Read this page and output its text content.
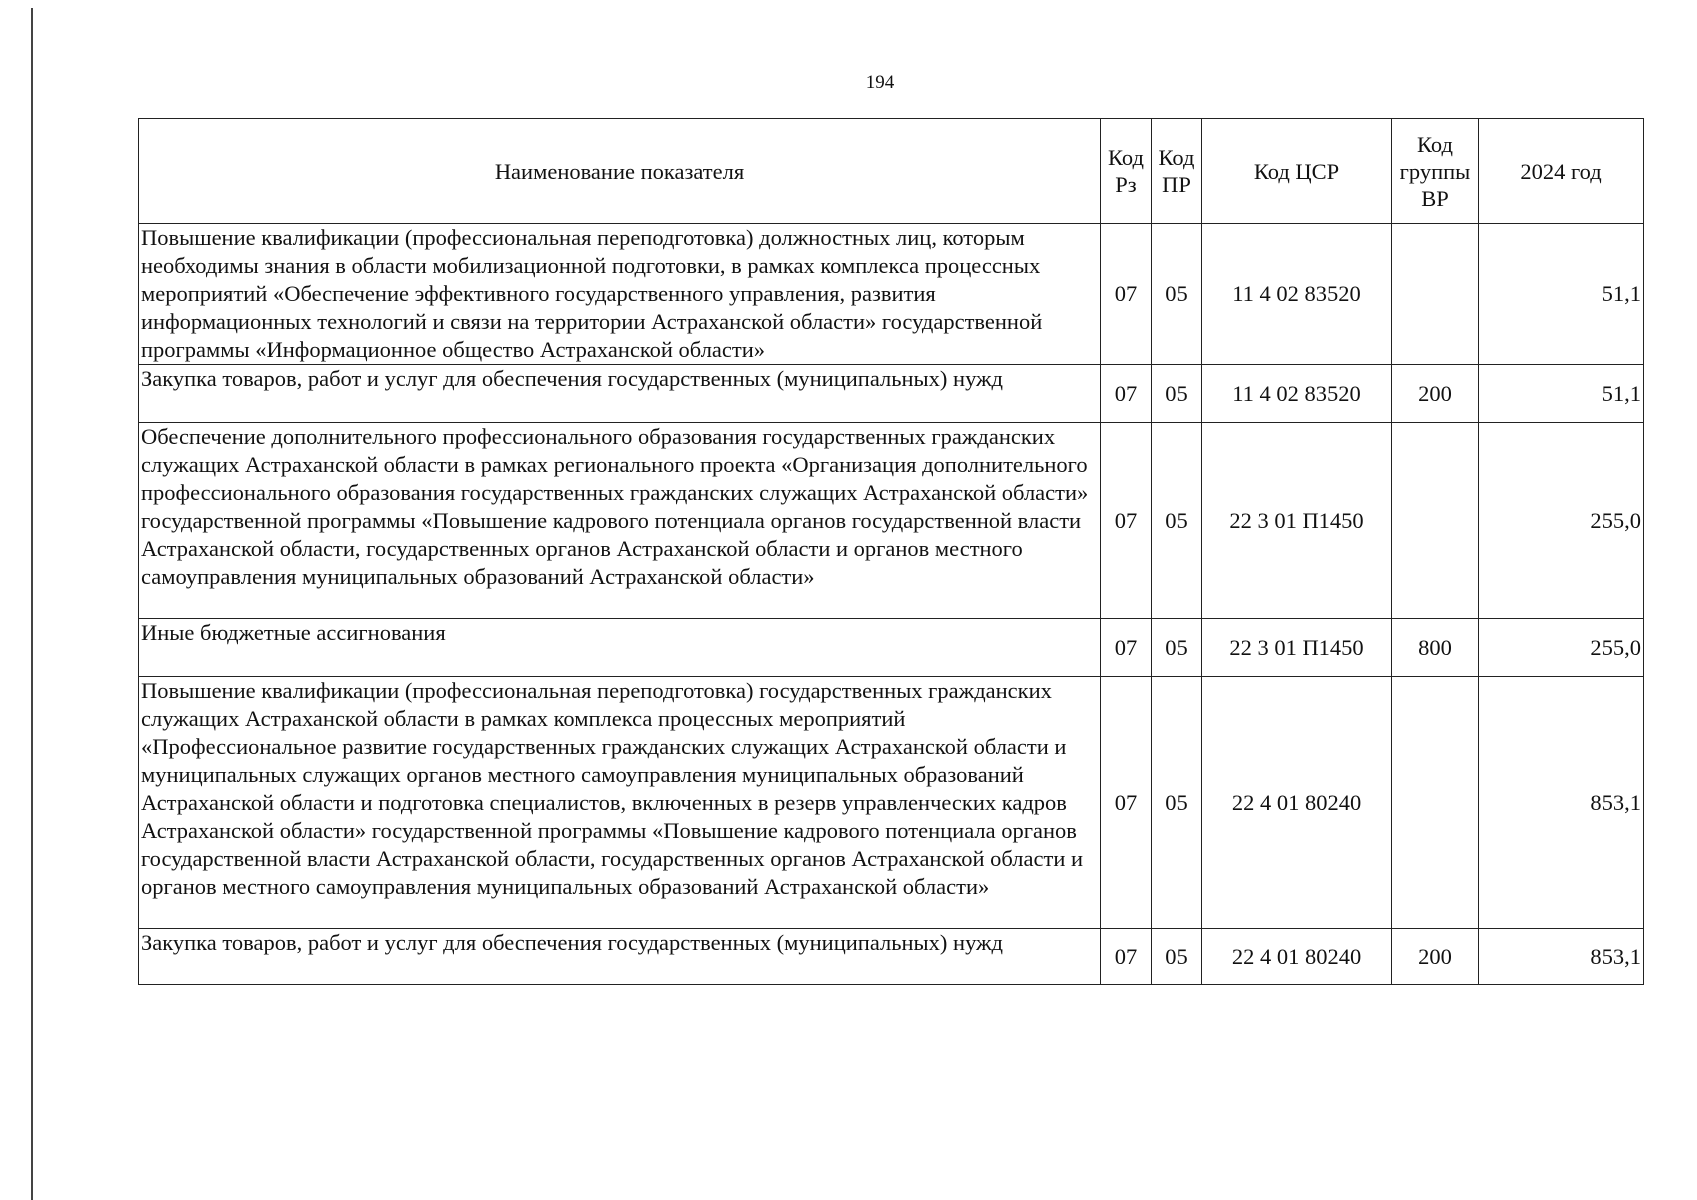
194
Наименование показателя	Код Рз	Код ПР	Код ЦСР	Код группы ВР	2024 год
Повышение квалификации (профессиональная переподготовка) должностных лиц, которым необходимы знания в области мобилизационной подготовки, в рамках комплекса процессных мероприятий «Обеспечение эффективного государственного управления, развития информационных технологий и связи на территории Астраханской области» государственной программы «Информационное общество Астраханской области»	07	05	11 4 02 83520		51,1
Закупка товаров, работ и услуг для обеспечения государственных (муниципальных) нужд	07	05	11 4 02 83520	200	51,1
Обеспечение дополнительного профессионального образования государственных гражданских служащих Астраханской области в рамках регионального проекта «Организация дополнительного профессионального образования государственных гражданских служащих Астраханской области» государственной программы «Повышение кадрового потенциала органов государственной власти Астраханской области, государственных органов Астраханской области и органов местного самоуправления муниципальных образований Астраханской области»	07	05	22 3 01 П1450		255,0
Иные бюджетные ассигнования	07	05	22 3 01 П1450	800	255,0
Повышение квалификации (профессиональная переподготовка) государственных гражданских служащих Астраханской области в рамках комплекса процессных мероприятий «Профессиональное развитие государственных гражданских служащих Астраханской области и муниципальных служащих органов местного самоуправления муниципальных образований Астраханской области и подготовка специалистов, включенных в резерв управленческих кадров Астраханской области» государственной программы «Повышение кадрового потенциала органов государственной власти Астраханской области, государственных органов Астраханской области и органов местного самоуправления муниципальных образований Астраханской области»	07	05	22 4 01 80240		853,1
Закупка товаров, работ и услуг для обеспечения государственных (муниципальных) нужд	07	05	22 4 01 80240	200	853,1
